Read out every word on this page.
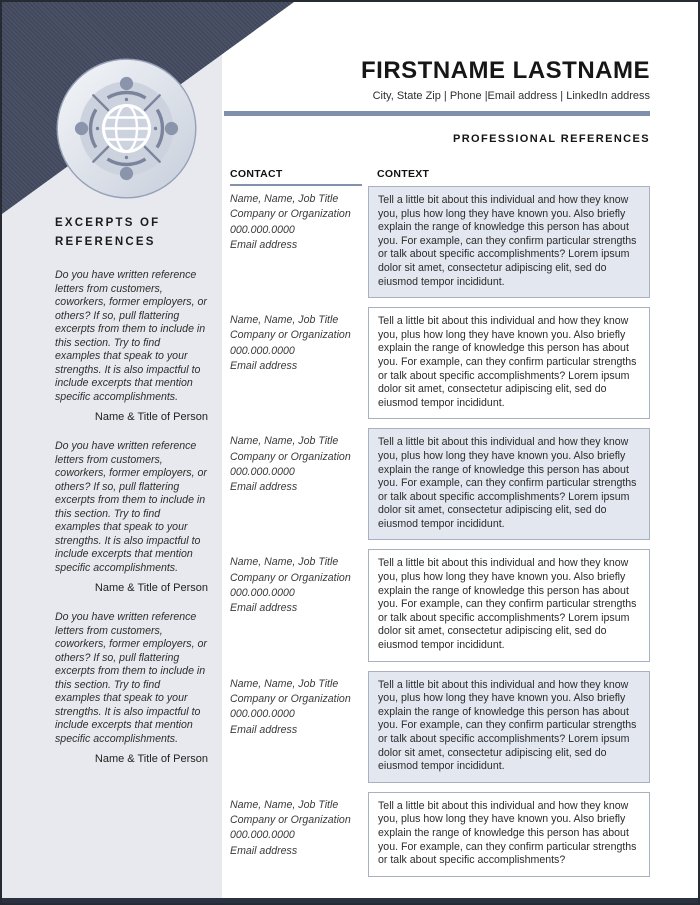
EXCERPTS OF REFERENCES
Do you have written reference letters from customers, coworkers, former employers, or others? If so, pull flattering excerpts from them to include in this section. Try to find examples that speak to your strengths. It is also impactful to include excerpts that mention specific accomplishments.
Name & Title of Person
Do you have written reference letters from customers, coworkers, former employers, or others? If so, pull flattering excerpts from them to include in this section. Try to find examples that speak to your strengths. It is also impactful to include excerpts that mention specific accomplishments.
Name & Title of Person
Do you have written reference letters from customers, coworkers, former employers, or others? If so, pull flattering excerpts from them to include in this section. Try to find examples that speak to your strengths. It is also impactful to include excerpts that mention specific accomplishments.
Name & Title of Person
FIRSTNAME LASTNAME
City, State Zip | Phone |Email address | LinkedIn address
PROFESSIONAL REFERENCES
CONTACT	CONTEXT
Name, Name, Job Title
Company or Organization
000.000.0000
Email address
Tell a little bit about this individual and how they know you, plus how long they have known you. Also briefly explain the range of knowledge this person has about you. For example, can they confirm particular strengths or talk about specific accomplishments? Lorem ipsum dolor sit amet, consectetur adipiscing elit, sed do eiusmod tempor incididunt.
Name, Name, Job Title
Company or Organization
000.000.0000
Email address
Tell a little bit about this individual and how they know you, plus how long they have known you. Also briefly explain the range of knowledge this person has about you. For example, can they confirm particular strengths or talk about specific accomplishments? Lorem ipsum dolor sit amet, consectetur adipiscing elit, sed do eiusmod tempor incididunt.
Name, Name, Job Title
Company or Organization
000.000.0000
Email address
Tell a little bit about this individual and how they know you, plus how long they have known you. Also briefly explain the range of knowledge this person has about you. For example, can they confirm particular strengths or talk about specific accomplishments? Lorem ipsum dolor sit amet, consectetur adipiscing elit, sed do eiusmod tempor incididunt.
Name, Name, Job Title
Company or Organization
000.000.0000
Email address
Tell a little bit about this individual and how they know you, plus how long they have known you. Also briefly explain the range of knowledge this person has about you. For example, can they confirm particular strengths or talk about specific accomplishments? Lorem ipsum dolor sit amet, consectetur adipiscing elit, sed do eiusmod tempor incididunt.
Name, Name, Job Title
Company or Organization
000.000.0000
Email address
Tell a little bit about this individual and how they know you, plus how long they have known you. Also briefly explain the range of knowledge this person has about you. For example, can they confirm particular strengths or talk about specific accomplishments? Lorem ipsum dolor sit amet, consectetur adipiscing elit, sed do eiusmod tempor incididunt.
Name, Name, Job Title
Company or Organization
000.000.0000
Email address
Tell a little bit about this individual and how they know you, plus how long they have known you. Also briefly explain the range of knowledge this person has about you. For example, can they confirm particular strengths or talk about specific accomplishments?
